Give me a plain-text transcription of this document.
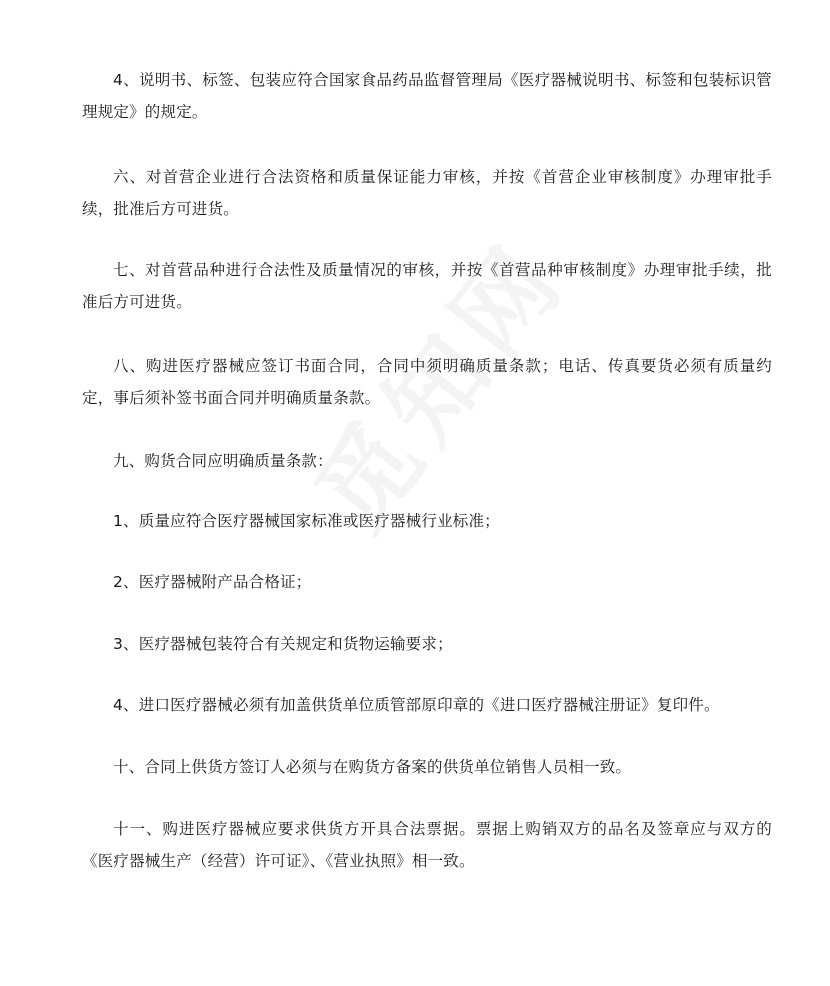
4、说明书、标签、包装应符合国家食品药品监督管理局《医疗器械说明书、标签和包装标识管理规定》的规定。

六、对首营企业进行合法资格和质量保证能力审核，并按《首营企业审核制度》办理审批手续，批准后方可进货。

七、对首营品种进行合法性及质量情况的审核，并按《首营品种审核制度》办理审批手续，批准后方可进货。

八、购进医疗器械应签订书面合同，合同中须明确质量条款；电话、传真要货必须有质量约定，事后须补签书面合同并明确质量条款。

九、购货合同应明确质量条款：

1、质量应符合医疗器械国家标准或医疗器械行业标准；

2、医疗器械附产品合格证；

3、医疗器械包装符合有关规定和货物运输要求；

4、进口医疗器械必须有加盖供货单位质管部原印章的《进口医疗器械注册证》复印件。

十、合同上供货方签订人必须与在购货方备案的供货单位销售人员相一致。

十一、购进医疗器械应要求供货方开具合法票据。票据上购销双方的品名及签章应与双方的《医疗器械生产（经营）许可证》、《营业执照》相一致。
